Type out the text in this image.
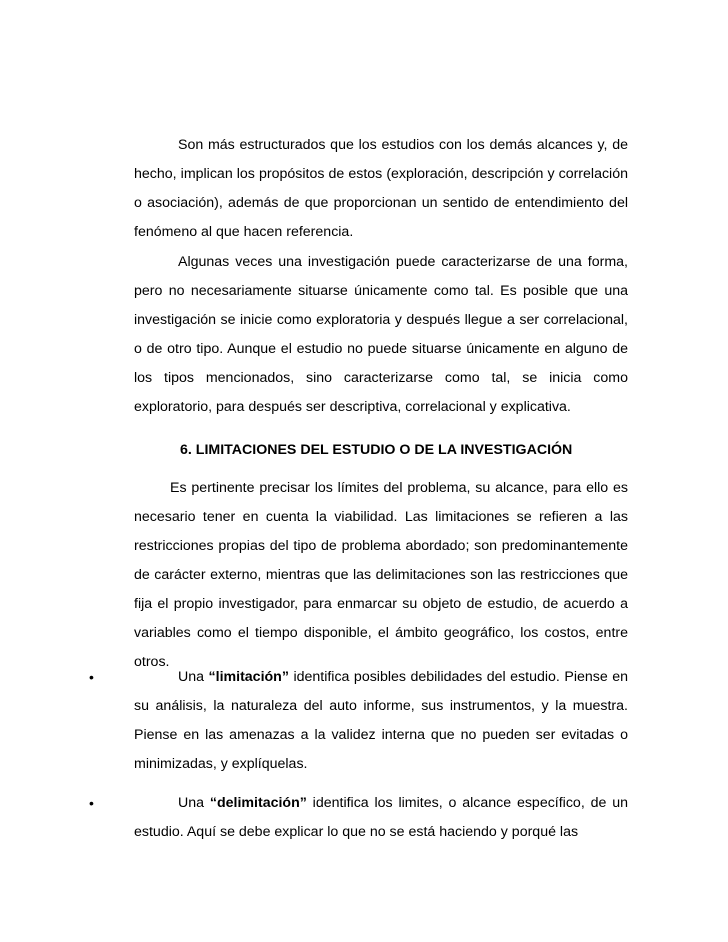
Son más estructurados que los estudios con los demás alcances y, de hecho, implican los propósitos de estos (exploración, descripción y correlación o asociación), además de que proporcionan un sentido de entendimiento del fenómeno al que hacen referencia.

Algunas veces una investigación puede caracterizarse de una forma, pero no necesariamente situarse únicamente como tal. Es posible que una investigación se inicie como exploratoria y después llegue a ser correlacional, o de otro tipo. Aunque el estudio no puede situarse únicamente en alguno de los tipos mencionados, sino caracterizarse como tal, se inicia como exploratorio, para después ser descriptiva, correlacional y explicativa.

6. LIMITACIONES DEL ESTUDIO O DE LA INVESTIGACIÓN

Es pertinente precisar los límites del problema, su alcance, para ello es necesario tener en cuenta la viabilidad. Las limitaciones se refieren a las restricciones propias del tipo de problema abordado; son predominantemente de carácter externo, mientras que las delimitaciones son las restricciones que fija el propio investigador, para enmarcar su objeto de estudio, de acuerdo a variables como el tiempo disponible, el ámbito geográfico, los costos, entre otros.

•	Una “limitación” identifica posibles debilidades del estudio. Piense en su análisis, la naturaleza del auto informe, sus instrumentos, y la muestra. Piense en las amenazas a la validez interna que no pueden ser evitadas o minimizadas, y explíquelas.

•	Una “delimitación” identifica los limites, o alcance específico, de un estudio. Aquí se debe explicar lo que no se está haciendo y porqué las
